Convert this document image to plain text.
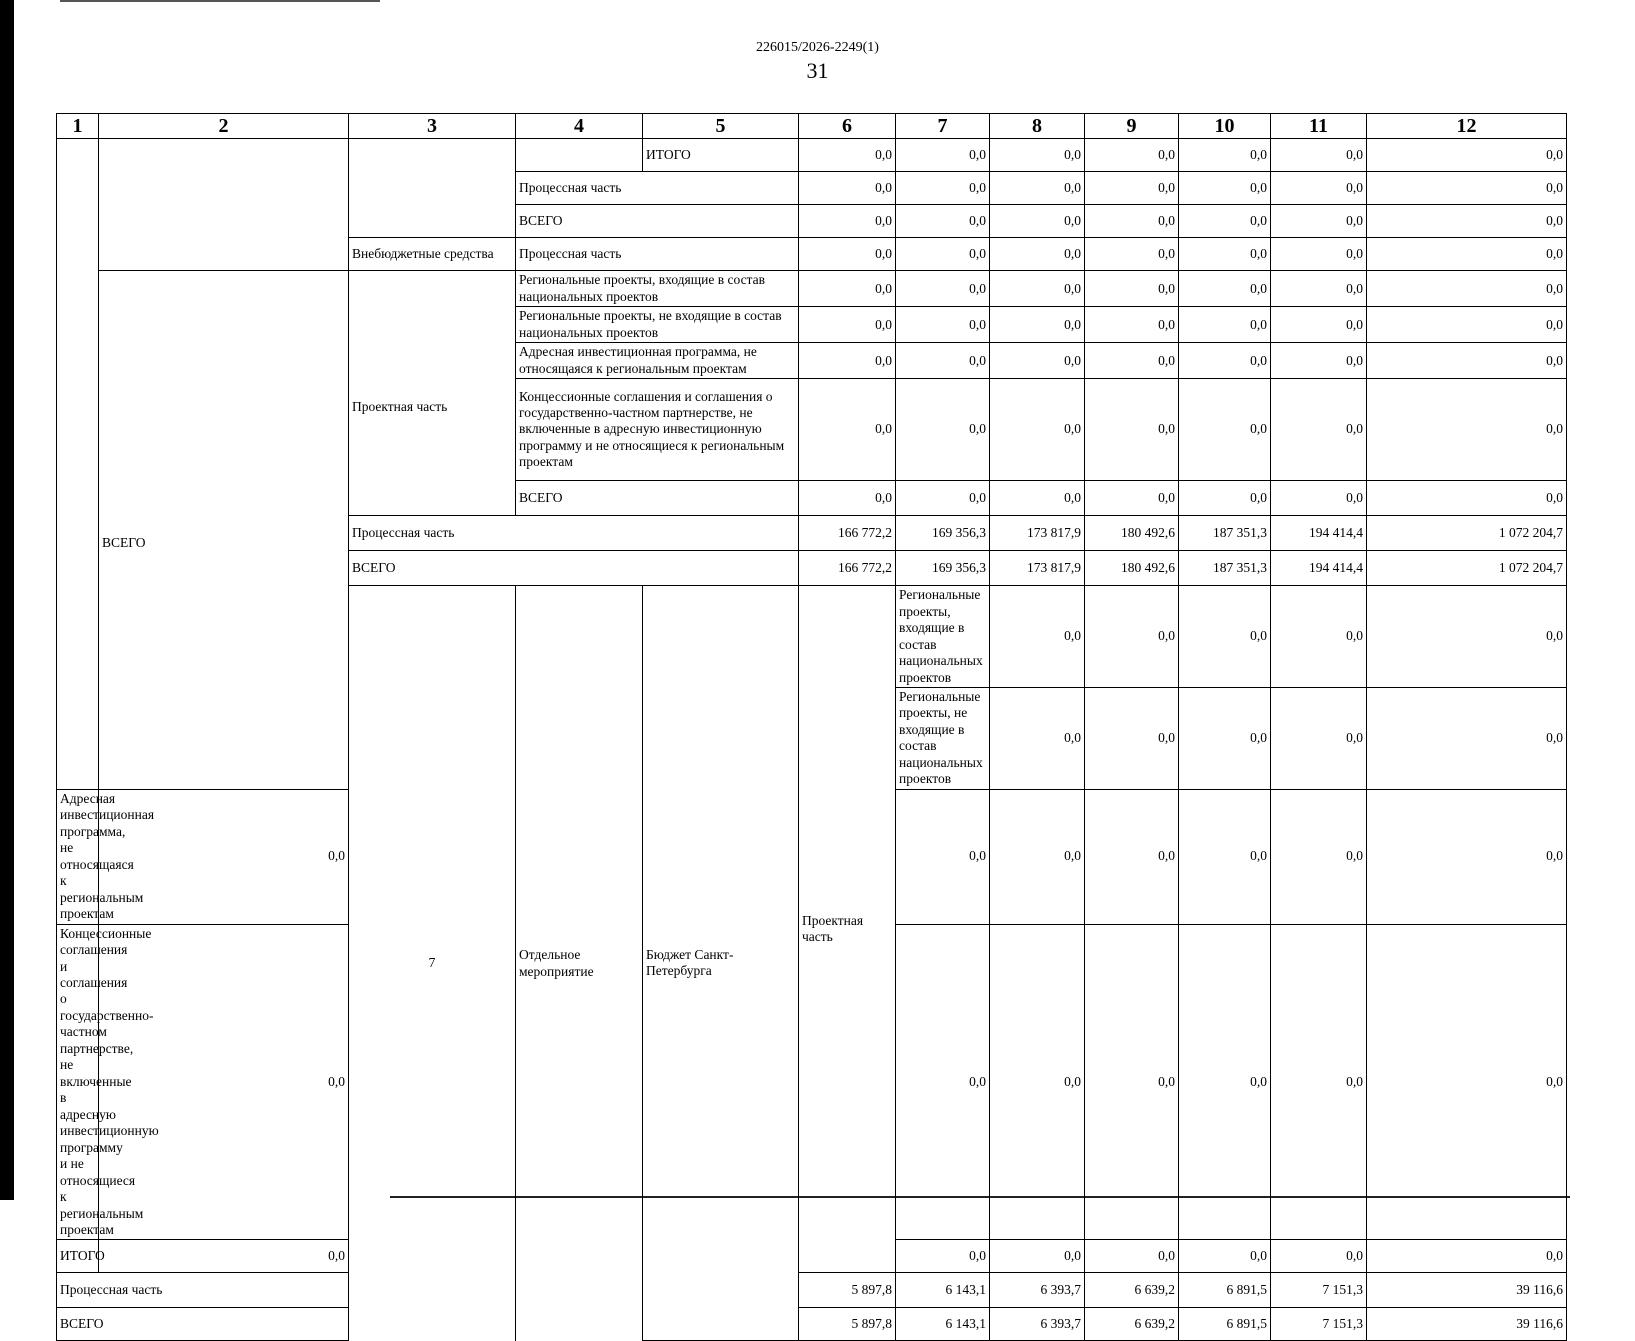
226015/2026-2249(1)
31
1	2	3	4	5	6	7	8	9	10	11	12	
				ИТОГО	0,0	0,0	0,0	0,0	0,0	0,0	0,0	
			Процессная часть		0,0	0,0	0,0	0,0	0,0	0,0	0,0	
			ВСЕГО		0,0	0,0	0,0	0,0	0,0	0,0	0,0	
		Внебюджетные средства	Процессная часть		0,0	0,0	0,0	0,0	0,0	0,0	0,0	
	ВСЕГО	Проектная часть	Региональные проекты, входящие в состав национальных проектов		0,0	0,0	0,0	0,0	0,0	0,0	0,0	
			Региональные проекты, не входящие в состав национальных проектов		0,0	0,0	0,0	0,0	0,0	0,0	0,0	
			Адресная инвестиционная программа, не относящаяся к региональным проектам		0,0	0,0	0,0	0,0	0,0	0,0	0,0	
			Концессионные соглашения и соглашения о государственно-частном партнерстве, не включенные в адресную инвестиционную программу и не относящиеся к региональным проектам		0,0	0,0	0,0	0,0	0,0	0,0	0,0	
			ВСЕГО		0,0	0,0	0,0	0,0	0,0	0,0	0,0	
		Процессная часть			166 772,2	169 356,3	173 817,9	180 492,6	187 351,3	194 414,4	1 072 204,7	
		ВСЕГО			166 772,2	169 356,3	173 817,9	180 492,6	187 351,3	194 414,4	1 072 204,7	
		7	Отдельное мероприятие	Бюджет Санкт-Петербурга	Проектная часть	Региональные проекты, входящие в состав национальных проектов	0,0	0,0	0,0	0,0	0,0		
						Региональные проекты, не входящие в состав национальных проектов	0,0	0,0	0,0	0,0	0,0		
Адресная инвестиционная программа, не относящаяся к региональным проектам	0,0					0,0	0,0	0,0	0,0	0,0	0,0	
Концессионные соглашения и соглашения о государственно-частном партнерстве, не включенные в адресную инвестиционную программу и не относящиеся к региональным проектам	0,0					0,0	0,0	0,0	0,0	0,0	0,0	
ИТОГО	0,0					0,0	0,0	0,0	0,0	0,0	0,0	
Процессная часть					5 897,8	6 143,1	6 393,7	6 639,2	6 891,5	7 151,3	39 116,6	
ВСЕГО					5 897,8	6 143,1	6 393,7	6 639,2	6 891,5	7 151,3	39 116,6	
